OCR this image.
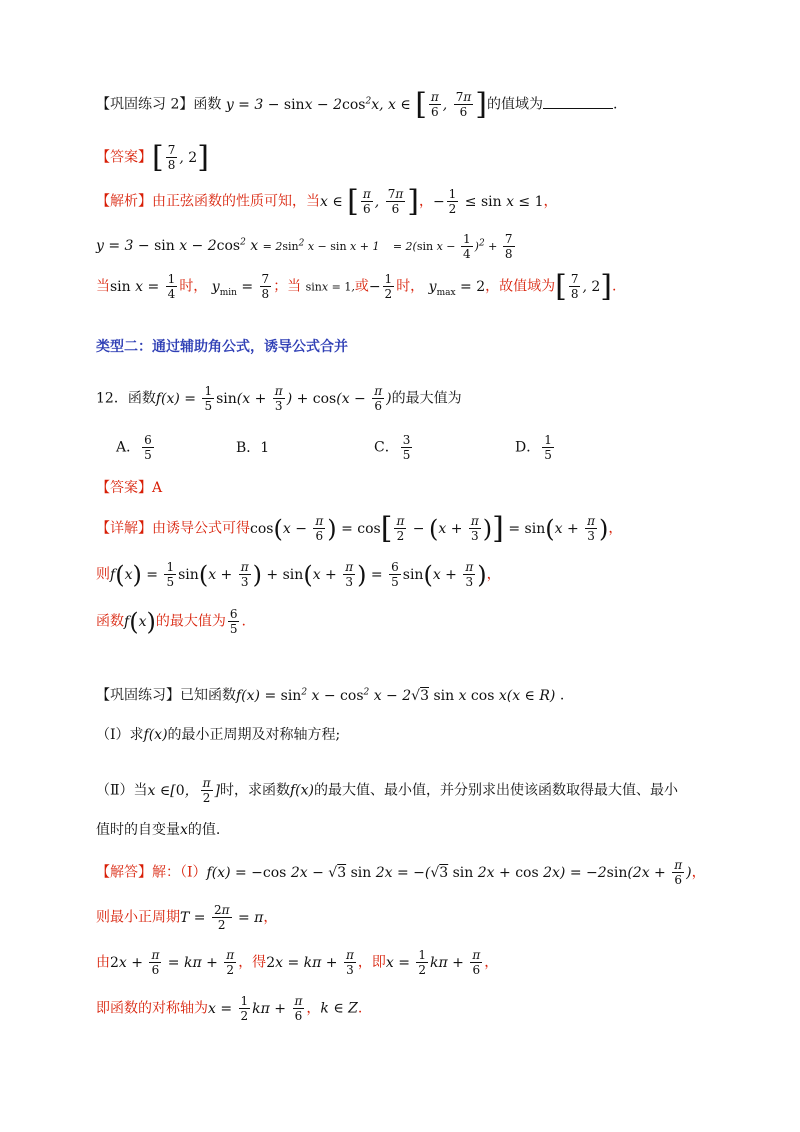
【巩固练习 2】函数 $y = 3 - \sin x - 2\cos^2x$, x ∈ [ $\frac{\pi}{6}$ , $\frac{7\pi}{6}$ ]的值域为	.
【答案】[ $\frac{7}{8}$ , 2]
【解析】由正弦函数的性质可知，当x ∈ [ $\frac{\pi}{6}$ , $\frac{7\pi}{6}$ ]，− $\frac{1}{2} \le \sin x \le 1$，
$y = 3 - \sin x - 2\cos^2$ $x = 2\sin^2$ x − sin x + 1 = 2(sin $x - \frac{1}{4} )^2 + \frac{7}{8}$
当$\sin x = \frac{1}{4}$ 时， $y_{min} = \frac{7}{8}$ ；当 sinx = 1,或− $\frac{1}{2}$ 时， $y_{max} = 2$，故值域为[ $\frac{7}{8}$ , 2].
类型二：通过辅助角公式，诱导公式合并
12．函数$f(x) = \frac{1}{5} \sin(x + \frac{\pi}{3}$ ) + $\cos(x - \frac{\pi}{6}$ )的最大值为
A． $\frac{6}{5}$	B．1	C． $\frac{3}{5}$	D． $\frac{1}{5}$
【答案】A
【详解】由诱导公式可得$\cos(x - \frac{\pi}{6}$ ) = $\cos[ \frac{\pi}{2} - (x + \frac{\pi}{3}$ )] = $\sin(x + \frac{\pi}{3}$ )，
则$f(x) = \frac{1}{5} \sin(x + \frac{\pi}{3}$ ) + $\sin(x + \frac{\pi}{3}$ ) = $\frac{6}{5} \sin(x + \frac{\pi}{3}$ )，
函数f(x)的最大值为 $\frac{6}{5}$ .
【巩固练习】已知函数$f(x) = \sin^2 x - \cos^2 x - 2√3$ sin x cos x(x ∈ R) .
（Ⅰ）求f(x)的最小正周期及对称轴方程;
（Ⅱ）当x ∈[0， $\frac{\pi}{2}$ ]时，求函数f(x)的最大值、最小值，并分别求出使该函数取得最大值、最小
值时的自变量x的值.
【解答】解：（Ⅰ）f(x) = −cos 2x − √3 sin 2x = −(√3 $\sin 2x + \cos 2x) = -2\sin(2x + \frac{\pi}{6}$ )，
则最小正周期$T = \frac{2\pi}{2} = \pi$，
由$2x + \frac{\pi}{6} = k\pi + \frac{\pi}{2}$ ，得$2x = k\pi + \frac{\pi}{3}$ ，即$x = \frac{1}{2}$ $k\pi + \frac{\pi}{6}$ ，
即函数的对称轴为$x = \frac{1}{2}$ $k\pi + \frac{\pi}{6}$ ，k ∈ Z.
